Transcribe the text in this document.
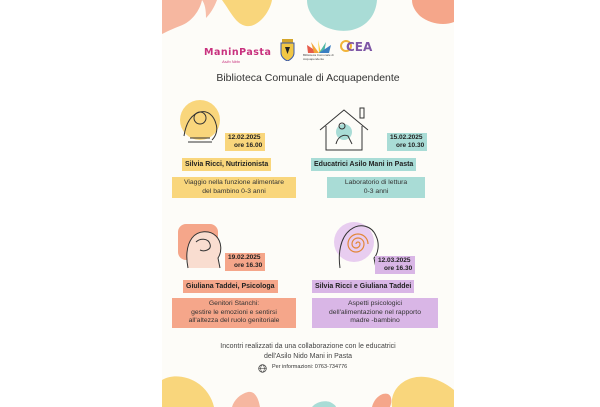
ManinPasta
Asilo Nido
Biblioteca Comunale di Acquapendente
CEA
Biblioteca Comunale di Acquapendente
12.02.2025
ore 16.00
Silvia Ricci, Nutrizionista
Viaggio nella funzione alimentare
del bambino 0-3 anni
15.02.2025
ore 10.30
Educatrici Asilo Mani in Pasta
Laboratorio di lettura
0-3 anni
19.02.2025
ore 16.30
Giuliana Taddei, Psicologa
Genitori Stanchi:
gestire le emozioni e sentirsi
all'altezza del ruolo genitoriale
12.03.2025
ore 16.30
Silvia Ricci e Giuliana Taddei
Aspetti psicologici
dell'alimentazione nel rapporto
madre -bambino
Incontri realizzati da una collaborazione con le educatrici
dell'Asilo Nido Mani in Pasta
Per informazioni: 0763-734776
